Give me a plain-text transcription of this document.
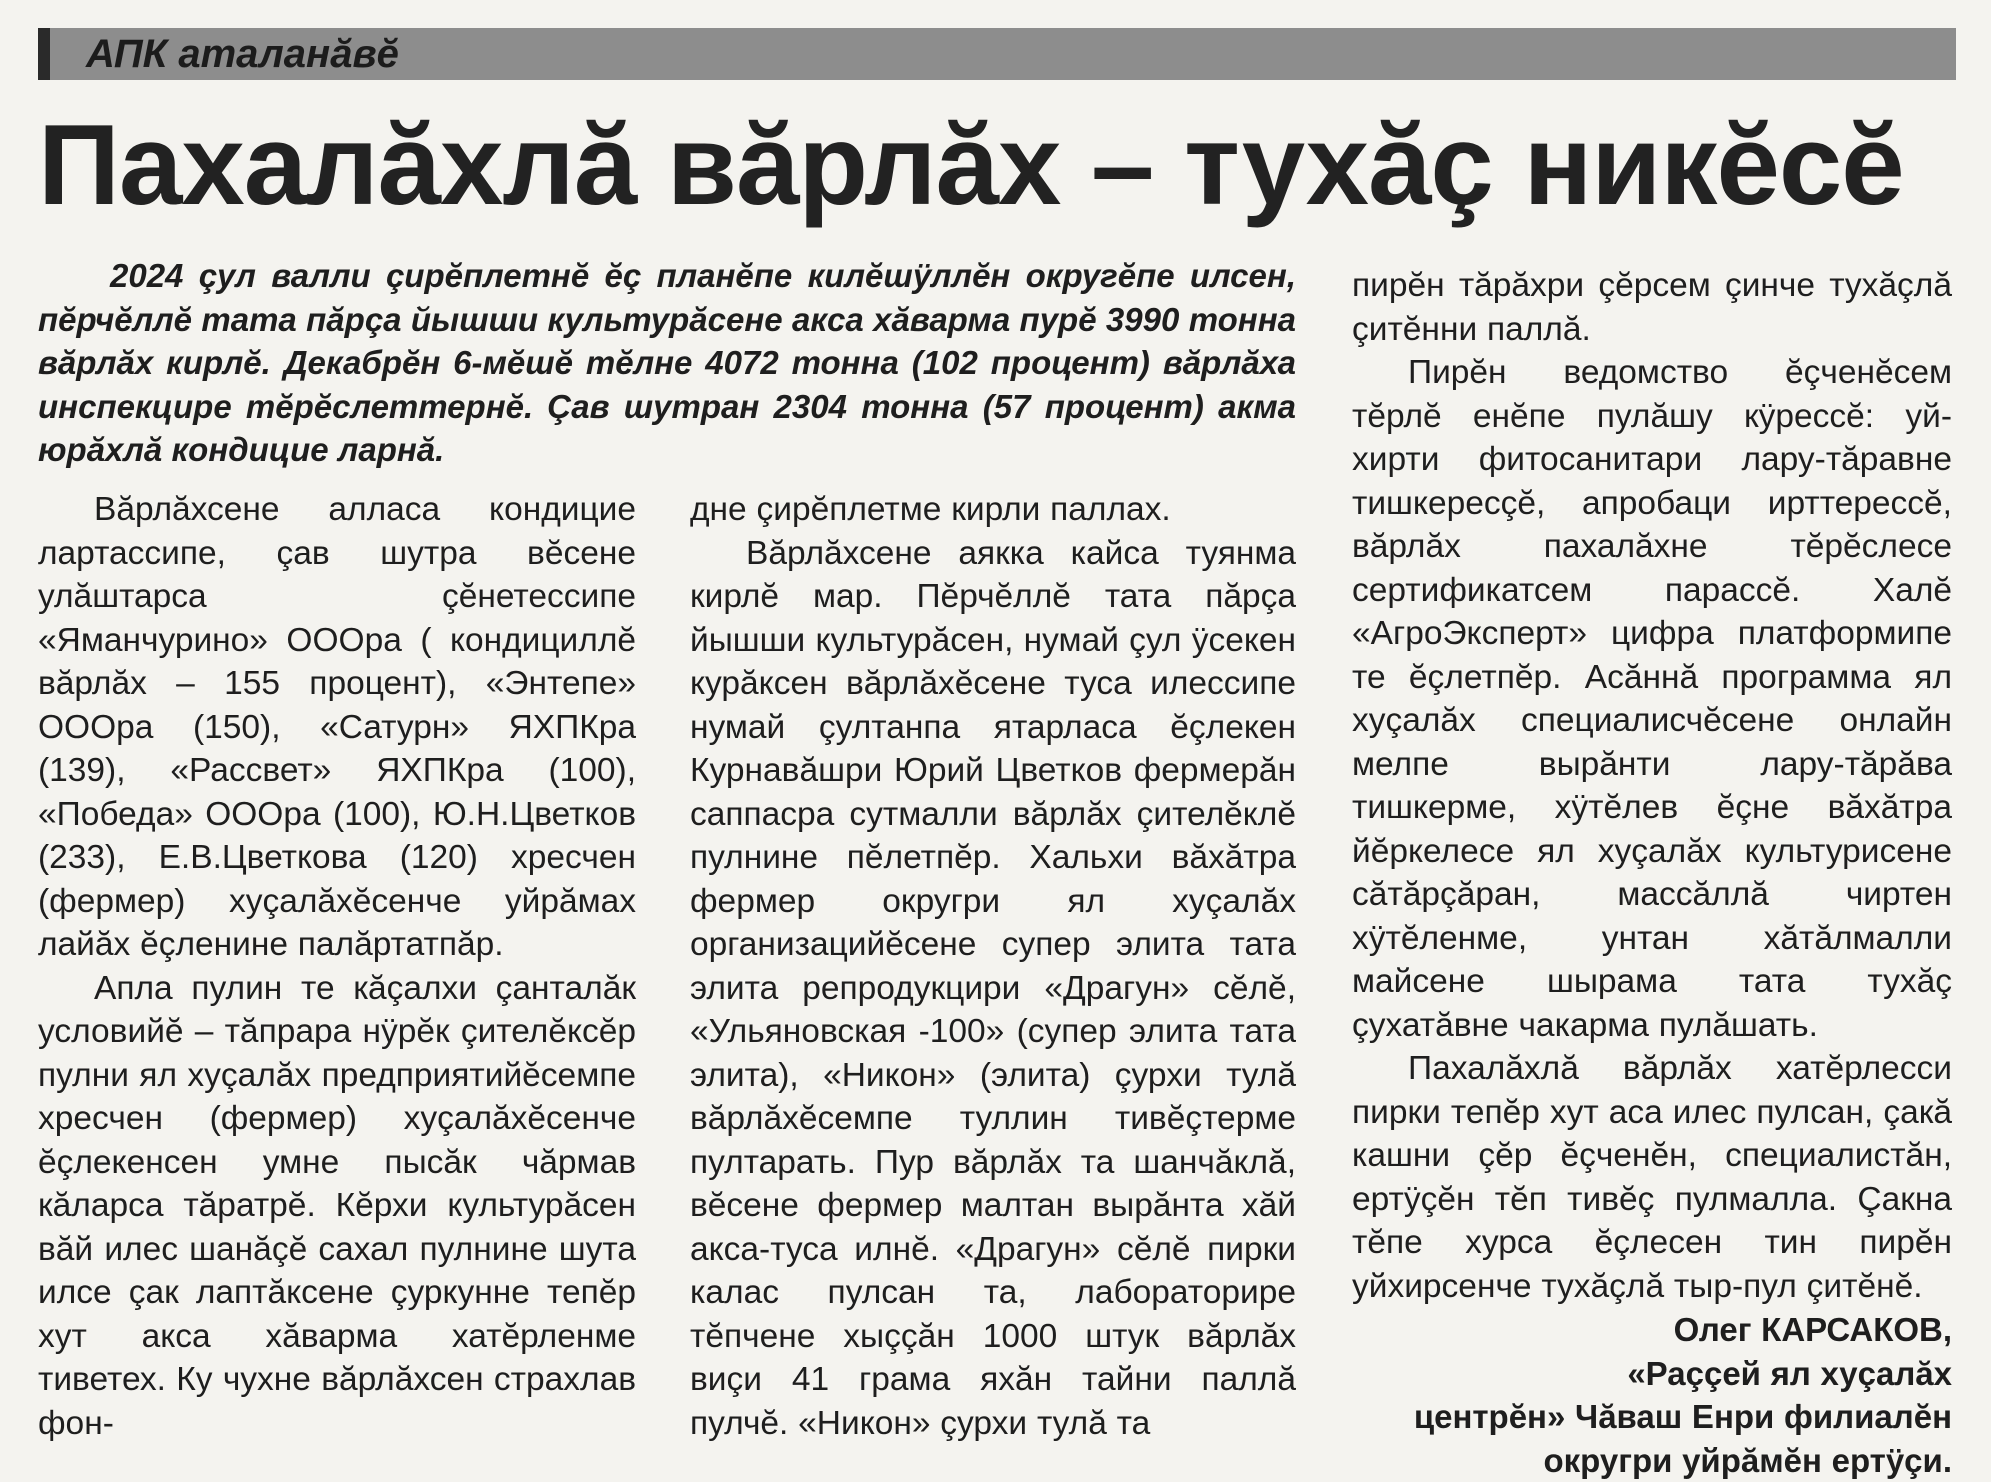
АПК аталанăвĕ
Пахалăхлă вăрлăх – тухăç никĕсĕ

2024 çул валли çирĕплетнĕ ĕç планĕпе килĕшÿллĕн округĕпе илсен, пĕрчĕллĕ тата пăрçа йышши культурăсене акса хăварма пурĕ 3990 тонна вăрлăх кирлĕ. Декабрĕн 6-мĕшĕ тĕлне 4072 тонна (102 процент) вăрлăха инспекцире тĕрĕслеттернĕ. Çав шутран 2304 тонна (57 процент) акма юрăхлă кондицие ларнă.

Вăрлăхсене алласа кондицие лартассипе, çав шутра вĕсене улăштарса çĕнетессипе «Яманчурино» ОООра ( кондициллĕ вăрлăх – 155 процент), «Энтепе» ОООра (150), «Сатурн» ЯХПКра (139), «Рассвет» ЯХПКра (100), «Победа» ОООра (100), Ю.Н.Цветков (233), Е.В.Цветкова (120) хресчен (фермер) хуçалăхĕсенче уйрăмах лайăх ĕçленине палăртатпăр.

Апла пулин те кăçалхи çанталăк условийĕ – тăпрара нÿрĕк çителĕксĕр пулни ял хуçалăх предприятийĕсемпе хресчен (фермер) хуçалăхĕсенче ĕçлекенсен умне пысăк чăрмав кăларса тăратрĕ. Кĕрхи культурăсен вăй илес шанăçĕ сахал пулнине шута илсе çак лаптăксене çуркунне тепĕр хут акса хăварма хатĕрленме тиветех. Ку чухне вăрлăхсен страхлав фон-

дне çирĕплетме кирли паллах.

Вăрлăхсене аякка кайса туянма кирлĕ мар. Пĕрчĕллĕ тата пăрçа йышши культурăсен, нумай çул ÿсекен курăксен вăрлăхĕсене туса илессипе нумай çултанпа ятарласа ĕçлекен Курнавăшри Юрий Цветков фермерăн саппасра сутмалли вăрлăх çителĕклĕ пулнине пĕлетпĕр. Хальхи вăхăтра фермер округри ял хуçалăх организацийĕсене супер элита тата элита репродукцири «Драгун» сĕлĕ, «Ульяновская -100» (супер элита тата элита), «Никон» (элита) çурхи тулă вăрлăхĕсемпе туллин тивĕçтерме пултарать. Пур вăрлăх та шанчăклă, вĕсене фермер малтан вырăнта хăй акса-туса илнĕ. «Драгун» сĕлĕ пирки калас пулсан та, лабораторире тĕпчене хыççăн 1000 штук вăрлăх виçи 41 грама яхăн тайни паллă пулчĕ. «Никон» çурхи тулă та

пирĕн тăрăхри çĕрсем çинче тухăçлă çитĕнни паллă.

Пирĕн ведомство ĕçченĕсем тĕрлĕ енĕпе пулăшу кÿрессĕ: уй-хирти фитосанитари лару-тăравне тишкересçĕ, апробаци ирттерессĕ, вăрлăх пахалăхне тĕрĕслесе сертификатсем парассĕ. Халĕ «АгроЭксперт» цифра платформипе те ĕçлетпĕр. Асăннă программа ял хуçалăх специалисчĕсене онлайн мелпе вырăнти лару-тăрăва тишкерме, хÿтĕлев ĕçне вăхăтра йĕркелесе ял хуçалăх культурисене сăтăрçăран, массăллă чиртен хÿтĕленме, унтан хăтăлмалли майсене шырама тата тухăç çухатăвне чакарма пулăшать.

Пахалăхлă вăрлăх хатĕрлесси пирки тепĕр хут аса илес пулсан, çакă кашни çĕр ĕçченĕн, специалистăн, ертÿçĕн тĕп тивĕç пулмалла. Çакна тĕпе хурса ĕçлесен тин пирĕн уйхирсенче тухăçлă тыр-пул çитĕнĕ.

Олег КАРСАКОВ,
«Раççей ял хуçалăх
центрĕн» Чăваш Енри филиалĕн
округри уйрăмĕн ертÿçи.
